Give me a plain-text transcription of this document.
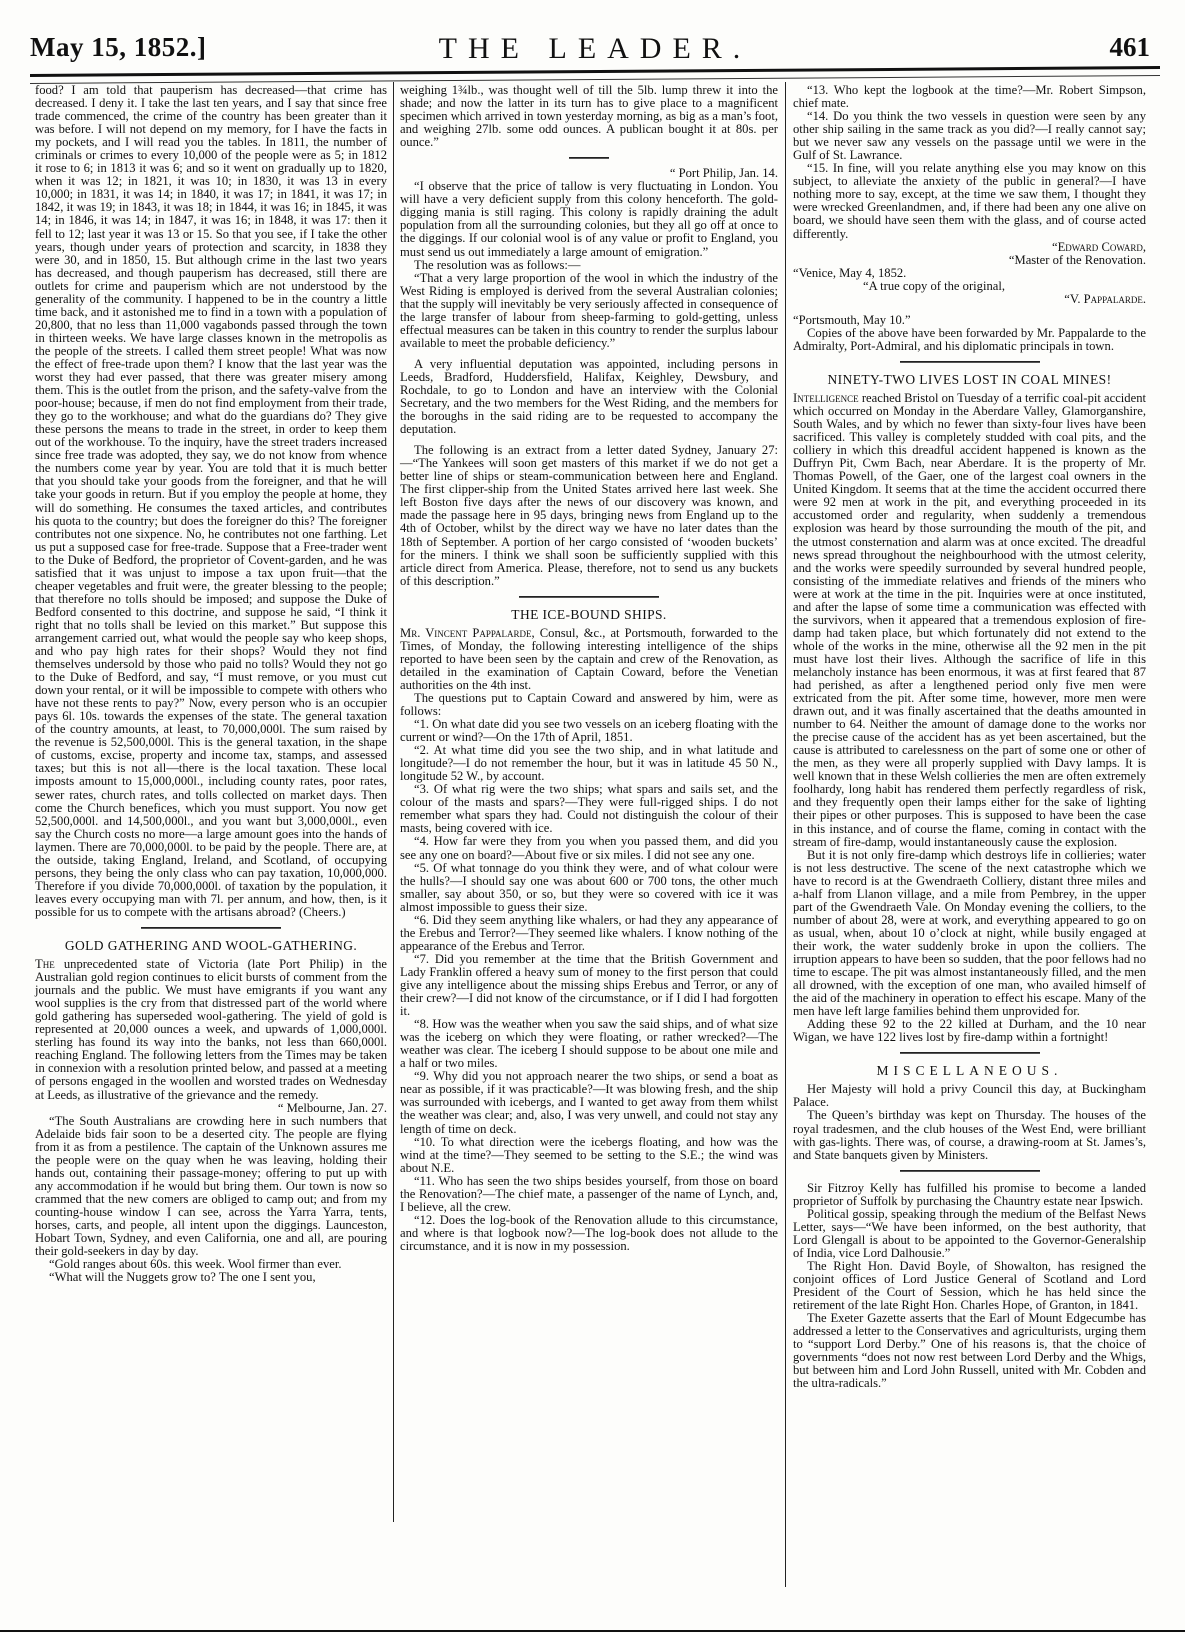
May 15, 1852.]	THE LEADER.	461

food? I am told that pauperism has decreased—that crime has decreased. I deny it. I take the last ten years, and I say that since free trade commenced, the crime of the country has been greater than it was before. I will not depend on my memory, for I have the facts in my pockets, and I will read you the tables. In 1811, the number of criminals or crimes to every 10,000 of the people were as 5; in 1812 it rose to 6; in 1813 it was 6; and so it went on gradually up to 1820, when it was 12; in 1821, it was 10; in 1830, it was 13 in every 10,000; in 1831, it was 14; in 1840, it was 17; in 1841, it was 17; in 1842, it was 19; in 1843, it was 18; in 1844, it was 16; in 1845, it was 14; in 1846, it was 14; in 1847, it was 16; in 1848, it was 17: then it fell to 12; last year it was 13 or 15. So that you see, if I take the other years, though under years of protection and scarcity, in 1838 they were 30, and in 1850, 15. But although crime in the last two years has decreased, and though pauperism has decreased, still there are outlets for crime and pauperism which are not understood by the generality of the community. I happened to be in the country a little time back, and it astonished me to find in a town with a population of 20,800, that no less than 11,000 vagabonds passed through the town in thirteen weeks. We have large classes known in the metropolis as the people of the streets. I called them street people! What was now the effect of free-trade upon them? I know that the last year was the worst they had ever passed, that there was greater misery among them. This is the outlet from the prison, and the safety-valve from the poor-house; because, if men do not find employment from their trade, they go to the workhouse; and what do the guardians do? They give these persons the means to trade in the street, in order to keep them out of the workhouse. To the inquiry, have the street traders increased since free trade was adopted, they say, we do not know from whence the numbers come year by year. You are told that it is much better that you should take your goods from the foreigner, and that he will take your goods in return. But if you employ the people at home, they will do something. He consumes the taxed articles, and contributes his quota to the country; but does the foreigner do this? The foreigner contributes not one sixpence. No, he contributes not one farthing. Let us put a supposed case for free-trade. Suppose that a Free-trader went to the Duke of Bedford, the proprietor of Covent-garden, and he was satisfied that it was unjust to impose a tax upon fruit—that the cheaper vegetables and fruit were, the greater blessing to the people; that therefore no tolls should be imposed; and suppose the Duke of Bedford consented to this doctrine, and suppose he said, “I think it right that no tolls shall be levied on this market.” But suppose this arrangement carried out, what would the people say who keep shops, and who pay high rates for their shops? Would they not find themselves undersold by those who paid no tolls? Would they not go to the Duke of Bedford, and say, “I must remove, or you must cut down your rental, or it will be impossible to compete with others who have not these rents to pay?” Now, every person who is an occupier pays 6l. 10s. towards the expenses of the state. The general taxation of the country amounts, at least, to 70,000,000l. The sum raised by the revenue is 52,500,000l. This is the general taxation, in the shape of customs, excise, property and income tax, stamps, and assessed taxes; but this is not all—there is the local taxation. These local imposts amount to 15,000,000l., including county rates, poor rates, sewer rates, church rates, and tolls collected on market days. Then come the Church benefices, which you must support. You now get 52,500,000l. and 14,500,000l., and you want but 3,000,000l., even say the Church costs no more—a large amount goes into the hands of laymen. There are 70,000,000l. to be paid by the people. There are, at the outside, taking England, Ireland, and Scotland, of occupying persons, they being the only class who can pay taxation, 10,000,000. Therefore if you divide 70,000,000l. of taxation by the population, it leaves every occupying man with 7l. per annum, and how, then, is it possible for us to compete with the artisans abroad? (Cheers.)

GOLD GATHERING AND WOOL-GATHERING.

The unprecedented state of Victoria (late Port Philip) in the Australian gold region continues to elicit bursts of comment from the journals and the public. We must have emigrants if you want any wool supplies is the cry from that distressed part of the world where gold gathering has superseded wool-gathering. The yield of gold is represented at 20,000 ounces a week, and upwards of 1,000,000l. sterling has found its way into the banks, not less than 660,000l. reaching England. The following letters from the Times may be taken in connexion with a resolution printed below, and passed at a meeting of persons engaged in the woollen and worsted trades on Wednesday at Leeds, as illustrative of the grievance and the remedy.

“ Melbourne, Jan. 27.

“The South Australians are crowding here in such numbers that Adelaide bids fair soon to be a deserted city. The people are flying from it as from a pestilence. The captain of the Unknown assures me the people were on the quay when he was leaving, holding their hands out, containing their passage-money; offering to put up with any accommodation if he would but bring them. Our town is now so crammed that the new comers are obliged to camp out; and from my counting-house window I can see, across the Yarra Yarra, tents, horses, carts, and people, all intent upon the diggings. Launceston, Hobart Town, Sydney, and even California, one and all, are pouring their gold-seekers in day by day.

“Gold ranges about 60s. this week. Wool firmer than ever.

“What will the Nuggets grow to? The one I sent you,

weighing 1¾lb., was thought well of till the 5lb. lump threw it into the shade; and now the latter in its turn has to give place to a magnificent specimen which arrived in town yesterday morning, as big as a man’s foot, and weighing 27lb. some odd ounces. A publican bought it at 80s. per ounce.”

“ Port Philip, Jan. 14.

“I observe that the price of tallow is very fluctuating in London. You will have a very deficient supply from this colony henceforth. The gold-digging mania is still raging. This colony is rapidly draining the adult population from all the surrounding colonies, but they all go off at once to the diggings. If our colonial wool is of any value or profit to England, you must send us out immediately a large amount of emigration.”

The resolution was as follows:—

“That a very large proportion of the wool in which the industry of the West Riding is employed is derived from the several Australian colonies; that the supply will inevitably be very seriously affected in consequence of the large transfer of labour from sheep-farming to gold-getting, unless effectual measures can be taken in this country to render the surplus labour available to meet the probable deficiency.”

A very influential deputation was appointed, including persons in Leeds, Bradford, Huddersfield, Halifax, Keighley, Dewsbury, and Rochdale, to go to London and have an interview with the Colonial Secretary, and the two members for the West Riding, and the members for the boroughs in the said riding are to be requested to accompany the deputation.

The following is an extract from a letter dated Sydney, January 27:—“The Yankees will soon get masters of this market if we do not get a better line of ships or steam-communication between here and England. The first clipper-ship from the United States arrived here last week. She left Boston five days after the news of our discovery was known, and made the passage here in 95 days, bringing news from England up to the 4th of October, whilst by the direct way we have no later dates than the 18th of September. A portion of her cargo consisted of ‘wooden buckets’ for the miners. I think we shall soon be sufficiently supplied with this article direct from America. Please, therefore, not to send us any buckets of this description.”

THE ICE-BOUND SHIPS.

Mr. Vincent Pappalarde, Consul, &c., at Portsmouth, forwarded to the Times, of Monday, the following interesting intelligence of the ships reported to have been seen by the captain and crew of the Renovation, as detailed in the examination of Captain Coward, before the Venetian authorities on the 4th inst.

The questions put to Captain Coward and answered by him, were as follows:

“1. On what date did you see two vessels on an iceberg floating with the current or wind?—On the 17th of April, 1851.

“2. At what time did you see the two ship, and in what latitude and longitude?—I do not remember the hour, but it was in latitude 45 50 N., longitude 52 W., by account.

“3. Of what rig were the two ships; what spars and sails set, and the colour of the masts and spars?—They were full-rigged ships. I do not remember what spars they had. Could not distinguish the colour of their masts, being covered with ice.

“4. How far were they from you when you passed them, and did you see any one on board?—About five or six miles. I did not see any one.

“5. Of what tonnage do you think they were, and of what colour were the hulls?—I should say one was about 600 or 700 tons, the other much smaller, say about 350, or so, but they were so covered with ice it was almost impossible to guess their size.

“6. Did they seem anything like whalers, or had they any appearance of the Erebus and Terror?—They seemed like whalers. I know nothing of the appearance of the Erebus and Terror.

“7. Did you remember at the time that the British Government and Lady Franklin offered a heavy sum of money to the first person that could give any intelligence about the missing ships Erebus and Terror, or any of their crew?—I did not know of the circumstance, or if I did I had forgotten it.

“8. How was the weather when you saw the said ships, and of what size was the iceberg on which they were floating, or rather wrecked?—The weather was clear. The iceberg I should suppose to be about one mile and a half or two miles.

“9. Why did you not approach nearer the two ships, or send a boat as near as possible, if it was practicable?—It was blowing fresh, and the ship was surrounded with icebergs, and I wanted to get away from them whilst the weather was clear; and, also, I was very unwell, and could not stay any length of time on deck.

“10. To what direction were the icebergs floating, and how was the wind at the time?—They seemed to be setting to the S.E.; the wind was about N.E.

“11. Who has seen the two ships besides yourself, from those on board the Renovation?—The chief mate, a passenger of the name of Lynch, and, I believe, all the crew.

“12. Does the log-book of the Renovation allude to this circumstance, and where is that logbook now?—The log-book does not allude to the circumstance, and it is now in my possession.

“13. Who kept the logbook at the time?—Mr. Robert Simpson, chief mate.

“14. Do you think the two vessels in question were seen by any other ship sailing in the same track as you did?—I really cannot say; but we never saw any vessels on the passage until we were in the Gulf of St. Lawrance.

“15. In fine, will you relate anything else you may know on this subject, to alleviate the anxiety of the public in general?—I have nothing more to say, except, at the time we saw them, I thought they were wrecked Greenlandmen, and, if there had been any one alive on board, we should have seen them with the glass, and of course acted differently.

“Edward Coward,

“Master of the Renovation.

“Venice, May 4, 1852.

“A true copy of the original,

“V. Pappalarde.

“Portsmouth, May 10.”

Copies of the above have been forwarded by Mr. Pappalarde to the Admiralty, Port-Admiral, and his diplomatic principals in town.

NINETY-TWO LIVES LOST IN COAL MINES!

Intelligence reached Bristol on Tuesday of a terrific coal-pit accident which occurred on Monday in the Aberdare Valley, Glamorganshire, South Wales, and by which no fewer than sixty-four lives have been sacrificed. This valley is completely studded with coal pits, and the colliery in which this dreadful accident happened is known as the Duffryn Pit, Cwm Bach, near Aberdare. It is the property of Mr. Thomas Powell, of the Gaer, one of the largest coal owners in the United Kingdom. It seems that at the time the accident occurred there were 92 men at work in the pit, and everything proceeded in its accustomed order and regularity, when suddenly a tremendous explosion was heard by those surrounding the mouth of the pit, and the utmost consternation and alarm was at once excited. The dreadful news spread throughout the neighbourhood with the utmost celerity, and the works were speedily surrounded by several hundred people, consisting of the immediate relatives and friends of the miners who were at work at the time in the pit. Inquiries were at once instituted, and after the lapse of some time a communication was effected with the survivors, when it appeared that a tremendous explosion of fire-damp had taken place, but which fortunately did not extend to the whole of the works in the mine, otherwise all the 92 men in the pit must have lost their lives. Although the sacrifice of life in this melancholy instance has been enormous, it was at first feared that 87 had perished, as after a lengthened period only five men were extricated from the pit. After some time, however, more men were drawn out, and it was finally ascertained that the deaths amounted in number to 64. Neither the amount of damage done to the works nor the precise cause of the accident has as yet been ascertained, but the cause is attributed to carelessness on the part of some one or other of the men, as they were all properly supplied with Davy lamps. It is well known that in these Welsh collieries the men are often extremely foolhardy, long habit has rendered them perfectly regardless of risk, and they frequently open their lamps either for the sake of lighting their pipes or other purposes. This is supposed to have been the case in this instance, and of course the flame, coming in contact with the stream of fire-damp, would instantaneously cause the explosion.

But it is not only fire-damp which destroys life in collieries; water is not less destructive. The scene of the next catastrophe which we have to record is at the Gwendraeth Colliery, distant three miles and a-half from Llanon village, and a mile from Pembrey, in the upper part of the Gwendraeth Vale. On Monday evening the colliers, to the number of about 28, were at work, and everything appeared to go on as usual, when, about 10 o’clock at night, while busily engaged at their work, the water suddenly broke in upon the colliers. The irruption appears to have been so sudden, that the poor fellows had no time to escape. The pit was almost instantaneously filled, and the men all drowned, with the exception of one man, who availed himself of the aid of the machinery in operation to effect his escape. Many of the men have left large families behind them unprovided for.

Adding these 92 to the 22 killed at Durham, and the 10 near Wigan, we have 122 lives lost by fire-damp within a fortnight!

MISCELLANEOUS.

Her Majesty will hold a privy Council this day, at Buckingham Palace.

The Queen’s birthday was kept on Thursday. The houses of the royal tradesmen, and the club houses of the West End, were brilliant with gas-lights. There was, of course, a drawing-room at St. James’s, and State banquets given by Ministers.

Sir Fitzroy Kelly has fulfilled his promise to become a landed proprietor of Suffolk by purchasing the Chauntry estate near Ipswich.

Political gossip, speaking through the medium of the Belfast News Letter, says—“We have been informed, on the best authority, that Lord Glengall is about to be appointed to the Governor-Generalship of India, vice Lord Dalhousie.”

The Right Hon. David Boyle, of Showalton, has resigned the conjoint offices of Lord Justice General of Scotland and Lord President of the Court of Session, which he has held since the retirement of the late Right Hon. Charles Hope, of Granton, in 1841.

The Exeter Gazette asserts that the Earl of Mount Edgecumbe has addressed a letter to the Conservatives and agriculturists, urging them to “support Lord Derby.” One of his reasons is, that the choice of governments “does not now rest between Lord Derby and the Whigs, but between him and Lord John Russell, united with Mr. Cobden and the ultra-radicals.”
